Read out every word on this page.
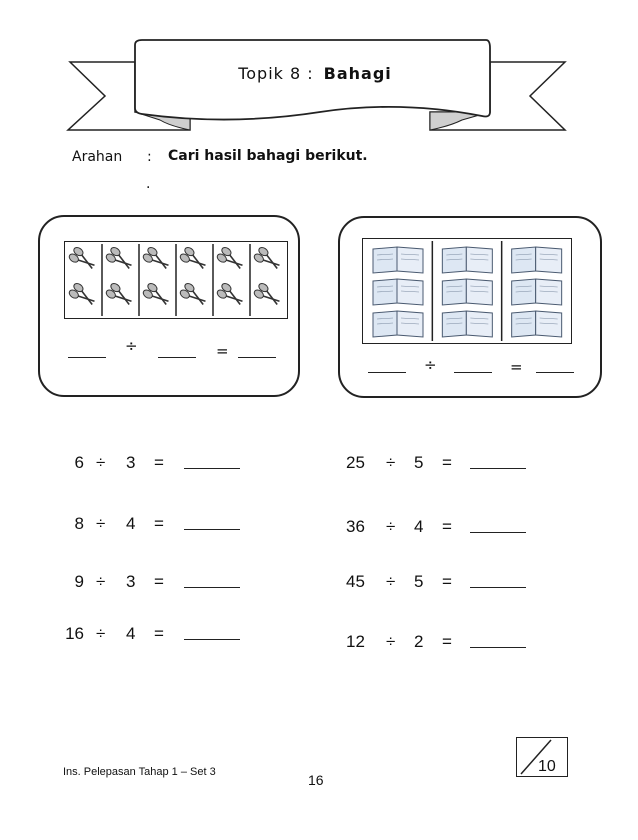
Topik 8 : Bahagi
Arahan : Cari hasil bahagi berikut.
.
÷	=
÷	=
6 ÷ 3 =
8 ÷ 4 =
9 ÷ 3 =
16 ÷ 4 =
25 ÷ 5 =
36 ÷ 4 =
45 ÷ 5 =
12 ÷ 2 =
Ins. Pelepasan Tahap 1 – Set 3	16
10
